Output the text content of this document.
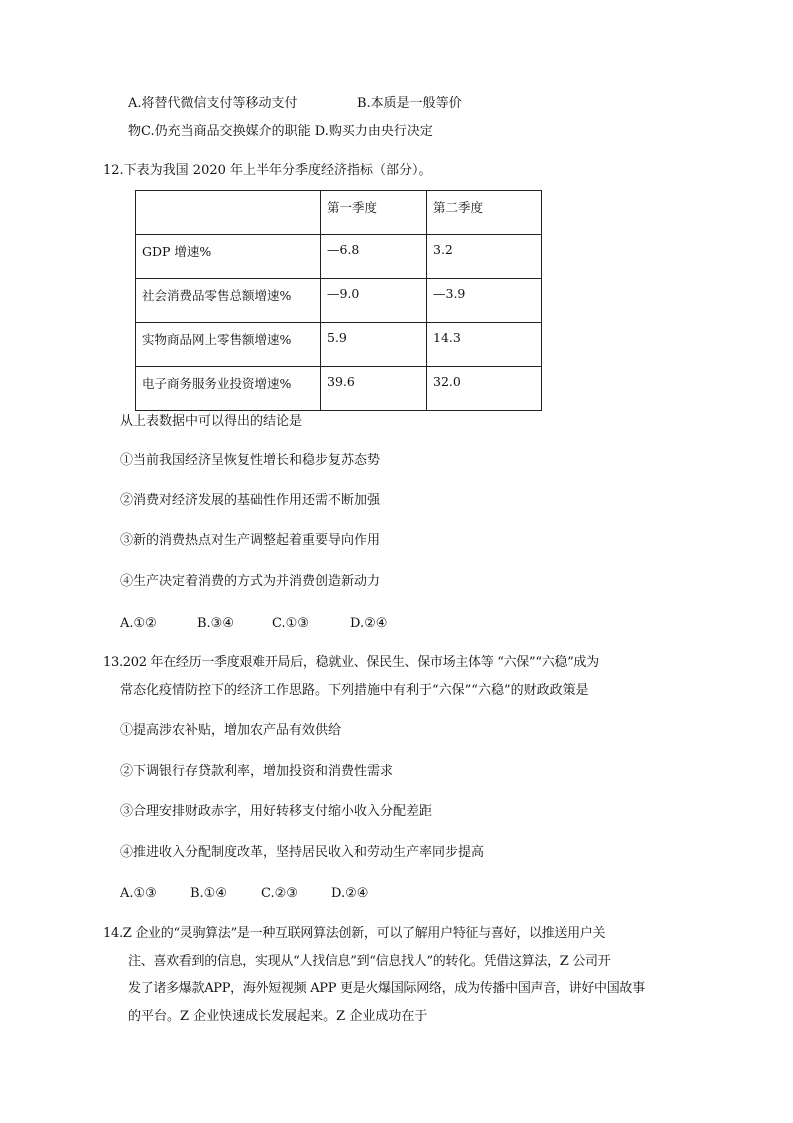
A.将替代微信支付等移动支付	B.本质是一般等价
物C.仍充当商品交换媒介的职能 D.购买力由央行决定
12.下表为我国 2020 年上半年分季度经济指标（部分）。
	第一季度	第二季度
GDP 增速%	—6.8	3.2
社会消费品零售总额增速%	—9.0	—3.9
实物商品网上零售额增速%	5.9	14.3
电子商务服务业投资增速%	39.6	32.0
从上表数据中可以得出的结论是
①当前我国经济呈恢复性增长和稳步复苏态势
②消费对经济发展的基础性作用还需不断加强
③新的消费热点对生产调整起着重要导向作用
④生产决定着消费的方式为并消费创造新动力
A.①②	B.③④	C.①③	D.②④
13.202 年在经历一季度艰难开局后，稳就业、保民生、保市场主体等 “六保”“六稳”成为
常态化疫情防控下的经济工作思路。下列措施中有利于“六保”“六稳”的财政政策是
①提高涉农补贴，增加农产品有效供给
②下调银行存贷款利率，增加投资和消费性需求
③合理安排财政赤字，用好转移支付缩小收入分配差距
④推进收入分配制度改革，坚持居民收入和劳动生产率同步提高
A.①③	B.①④	C.②③	D.②④
14.Z 企业的“灵驹算法”是一种互联网算法创新，可以了解用户特征与喜好，以推送用户关
注、喜欢看到的信息，实现从“人找信息”到“信息找人”的转化。凭借这算法，Z 公司开
发了诸多爆款APP，海外短视频 APP 更是火爆国际网络，成为传播中国声音，讲好中国故事
的平台。Z 企业快速成长发展起来。Z 企业成功在于
